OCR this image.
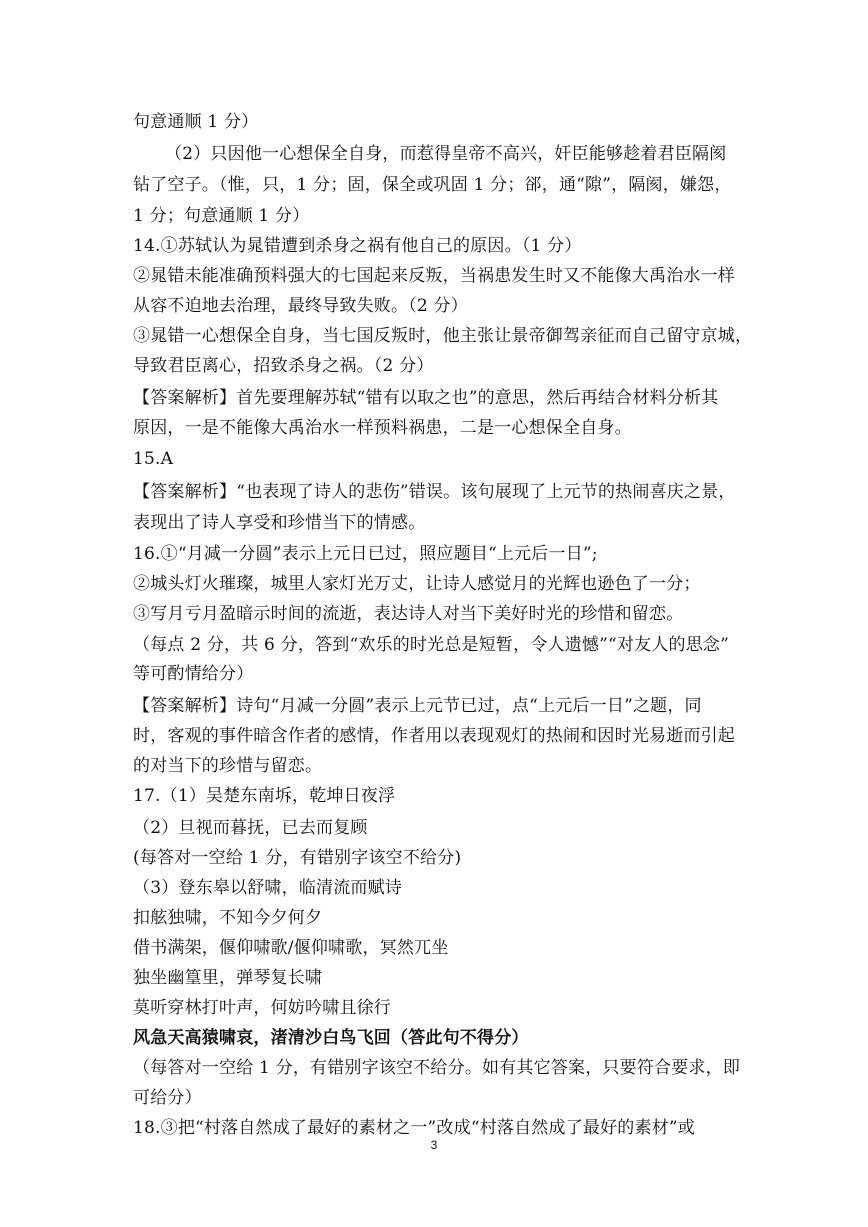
句意通顺 1 分）
（2）只因他一心想保全自身，而惹得皇帝不高兴，奸臣能够趁着君臣隔阂
钻了空子。（惟，只，1 分；固，保全或巩固 1 分；郤，通“隙”，隔阂，嫌怨，
1 分；句意通顺 1 分）
14.①苏轼认为晁错遭到杀身之祸有他自己的原因。（1 分）
②晁错未能准确预料强大的七国起来反叛，当祸患发生时又不能像大禹治水一样
从容不迫地去治理，最终导致失败。（2 分）
③晁错一心想保全自身，当七国反叛时，他主张让景帝御驾亲征而自己留守京城，
导致君臣离心，招致杀身之祸。（2 分）
【答案解析】首先要理解苏轼“错有以取之也”的意思，然后再结合材料分析其
原因，一是不能像大禹治水一样预料祸患，二是一心想保全自身。
15.A
【答案解析】“也表现了诗人的悲伤”错误。该句展现了上元节的热闹喜庆之景，
表现出了诗人享受和珍惜当下的情感。
16.①“月减一分圆”表示上元日已过，照应题目“上元后一日”;
②城头灯火璀璨，城里人家灯光万丈，让诗人感觉月的光辉也逊色了一分；
③写月亏月盈暗示时间的流逝，表达诗人对当下美好时光的珍惜和留恋。
（每点 2 分，共 6 分，答到“欢乐的时光总是短暂，令人遗憾”“对友人的思念”
等可酌情给分）
【答案解析】诗句“月减一分圆”表示上元节已过，点“上元后一日”之题，同
时，客观的事件暗含作者的感情，作者用以表现观灯的热闹和因时光易逝而引起
的对当下的珍惜与留恋。
17.（1）吴楚东南坼，乾坤日夜浮
（2）旦视而暮抚，已去而复顾
(每答对一空给 1 分，有错别字该空不给分)
（3）登东皋以舒啸，临清流而赋诗
扣舷独啸，不知今夕何夕
借书满架，偃仰啸歌/偃仰啸歌，冥然兀坐
独坐幽篁里，弹琴复长啸
莫听穿林打叶声，何妨吟啸且徐行
风急天高猿啸哀，渚清沙白鸟飞回（答此句不得分）
（每答对一空给 1 分，有错别字该空不给分。如有其它答案，只要符合要求，即
可给分）
18.③把“村落自然成了最好的素材之一”改成“村落自然成了最好的素材”或
3
